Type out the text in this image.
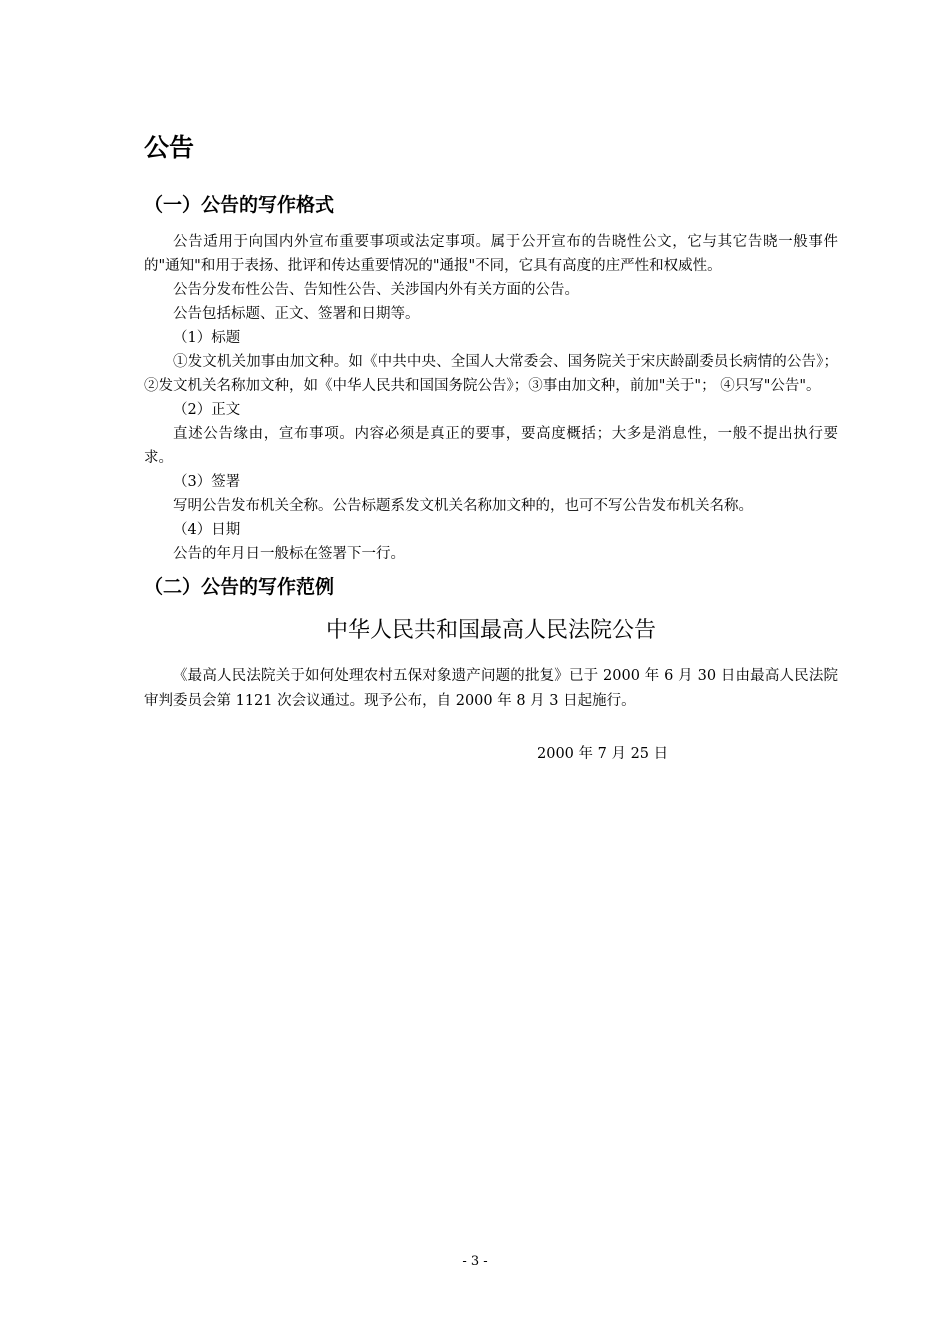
公告
（一）公告的写作格式

公告适用于向国内外宣布重要事项或法定事项。属于公开宣布的告晓性公文，它与其它告晓一般事件的"通知"和用于表扬、批评和传达重要情况的"通报"不同，它具有高度的庄严性和权威性。

公告分发布性公告、告知性公告、关涉国内外有关方面的公告。

公告包括标题、正文、签署和日期等。

（1）标题

①发文机关加事由加文种。如《中共中央、全国人大常委会、国务院关于宋庆龄副委员长病情的公告》；②发文机关名称加文种，如《中华人民共和国国务院公告》；③事由加文种，前加"关于"； ④只写"公告"。

（2）正文

直述公告缘由，宣布事项。内容必须是真正的要事，要高度概括；大多是消息性，一般不提出执行要求。

（3）签署

写明公告发布机关全称。公告标题系发文机关名称加文种的，也可不写公告发布机关名称。

（4）日期

公告的年月日一般标在签署下一行。

（二）公告的写作范例
中华人民共和国最高人民法院公告

《最高人民法院关于如何处理农村五保对象遗产问题的批复》已于 2000 年 6 月 30 日由最高人民法院审判委员会第 1121 次会议通过。现予公布，自 2000 年 8 月 3 日起施行。

2000 年 7 月 25 日
- 3 -
